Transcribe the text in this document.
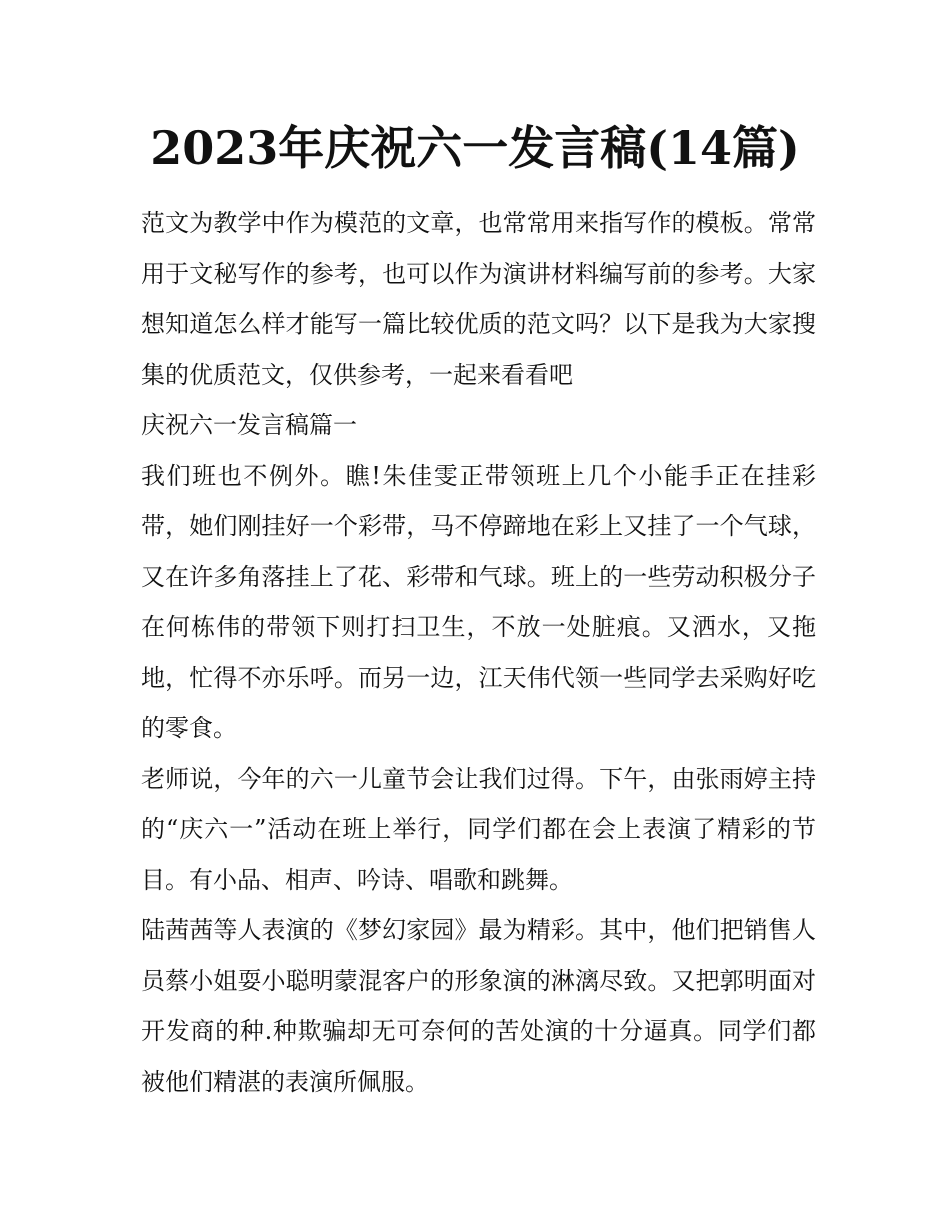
2023年庆祝六一发言稿(14篇)

范文为教学中作为模范的文章，也常常用来指写作的模板。常常用于文秘写作的参考，也可以作为演讲材料编写前的参考。大家想知道怎么样才能写一篇比较优质的范文吗？以下是我为大家搜集的优质范文，仅供参考，一起来看看吧

庆祝六一发言稿篇一

我们班也不例外。瞧!朱佳雯正带领班上几个小能手正在挂彩带，她们刚挂好一个彩带，马不停蹄地在彩上又挂了一个气球，又在许多角落挂上了花、彩带和气球。班上的一些劳动积极分子在何栋伟的带领下则打扫卫生，不放一处脏痕。又洒水，又拖地，忙得不亦乐呼。而另一边，江天伟代领一些同学去采购好吃的零食。

老师说，今年的六一儿童节会让我们过得。下午，由张雨婷主持的“庆六一”活动在班上举行，同学们都在会上表演了精彩的节目。有小品、相声、吟诗、唱歌和跳舞。

陆茜茜等人表演的《梦幻家园》最为精彩。其中，他们把销售人员蔡小姐耍小聪明蒙混客户的形象演的淋漓尽致。又把郭明面对开发商的种.种欺骗却无可奈何的苦处演的十分逼真。同学们都被他们精湛的表演所佩服。
